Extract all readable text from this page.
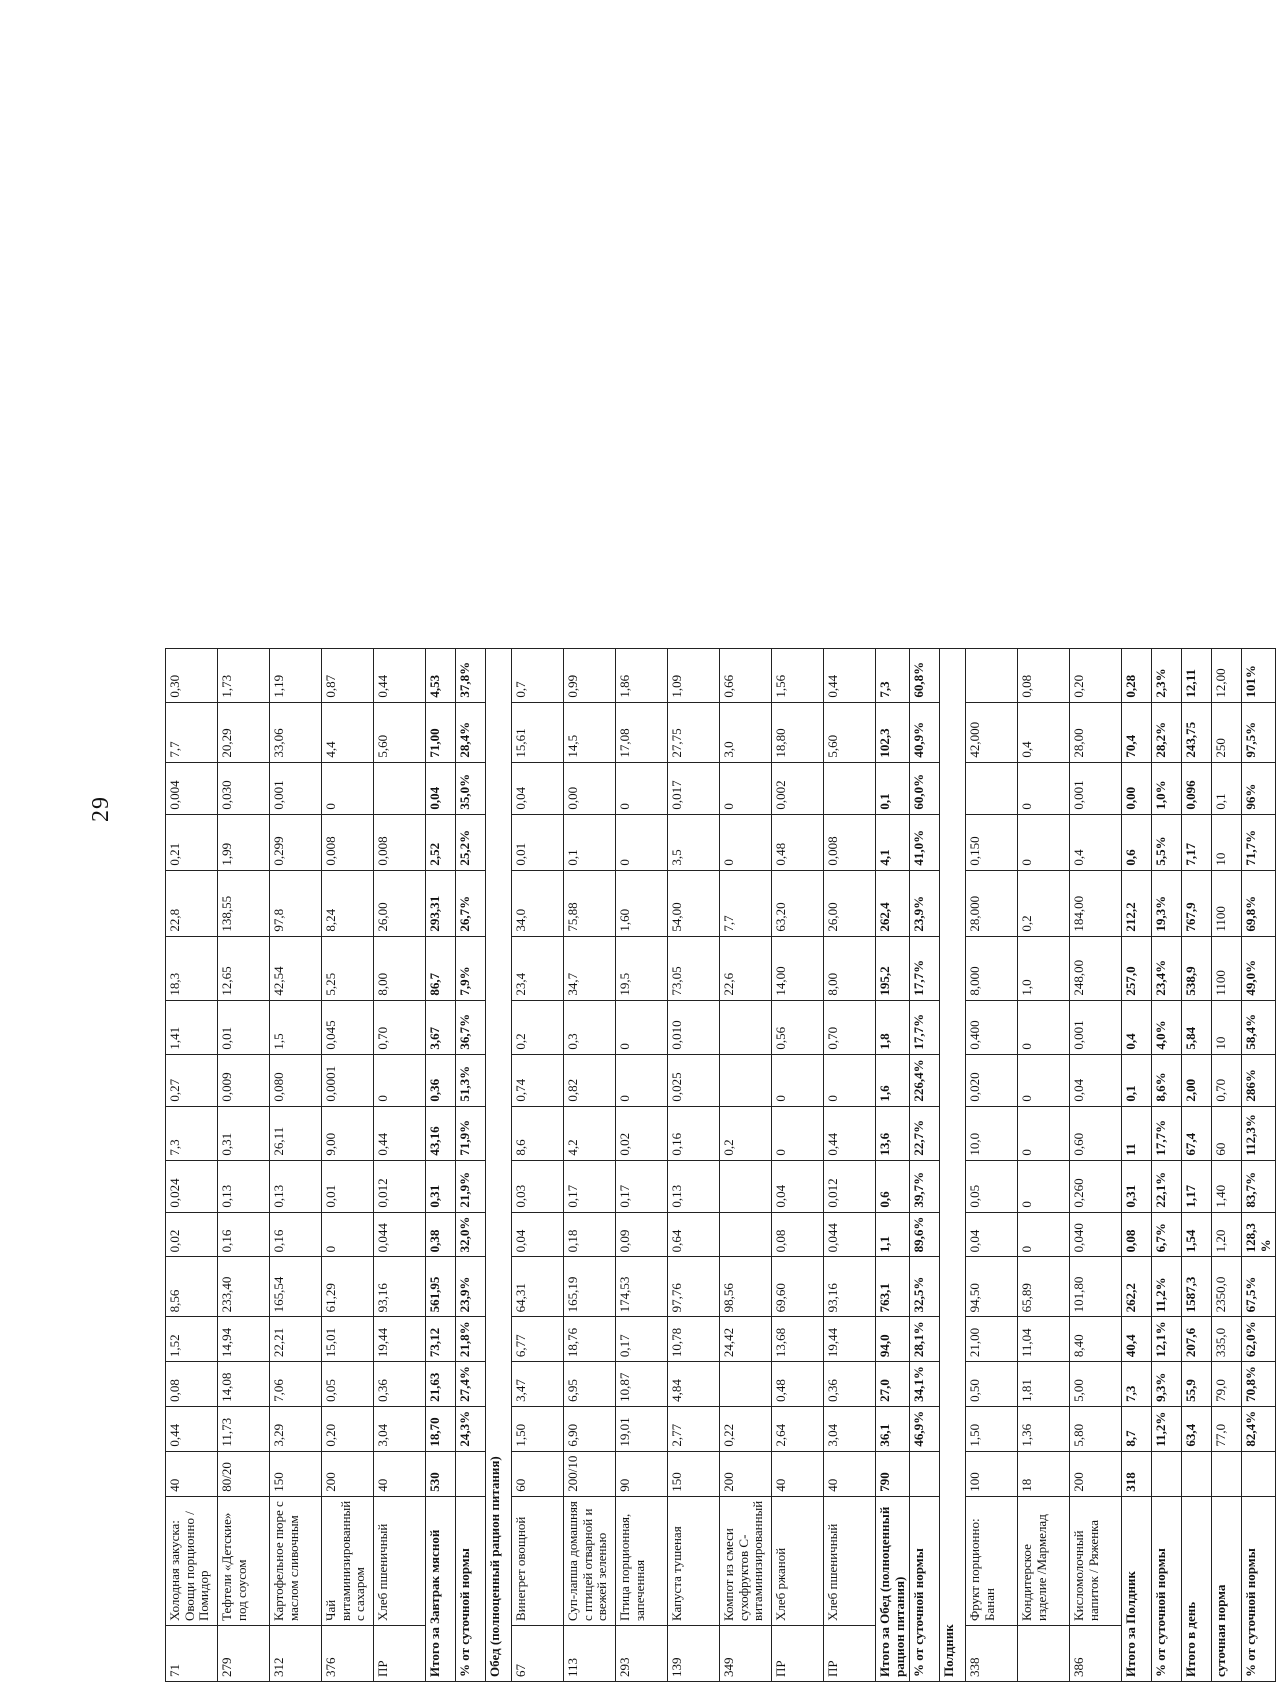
29
71	Холодная закуска: Овощи порционно / Помидор	40	0,44	0,08	1,52	8,56	0,02	0,024	7,3	0,27	1,41	18,3	22,8	0,21	0,004	7,7	0,30
279	Тефтели «Детские» под соусом	80/20	11,73	14,08	14,94	233,40	0,16	0,13	0,31	0,009	0,01	12,65	138,55	1,99	0,030	20,29	1,73
312	Картофельное пюре с маслом сливочным	150	3,29	7,06	22,21	165,54	0,16	0,13	26,11	0,080	1,5	42,54	97,8	0,299	0,001	33,06	1,19
376	Чай витаминизированный с сахаром	200	0,20	0,05	15,01	61,29	0	0,01	9,00	0,0001	0,045	5,25	8,24	0,008	0	4,4	0,87
ПР	Хлеб пшеничный	40	3,04	0,36	19,44	93,16	0,044	0,012	0,44	0	0,70	8,00	26,00	0,008		5,60	0,44
Итого за Завтрак мясной		530	18,70	21,63	73,12	561,95	0,38	0,31	43,16	0,36	3,67	86,7	293,31	2,52	0,04	71,00	4,53
% от суточной нормы			24,3%	27,4%	21,8%	23,9%	32,0%	21,9%	71,9%	51,3%	36,7%	7,9%	26,7%	25,2%	35,0%	28,4%	37,8%
Обед (полноценный рацион питания)																	
67	Винегрет овощной	60	1,50	3,47	6,77	64,31	0,04	0,03	8,6	0,74	0,2	23,4	34,0	0,01	0,04	15,61	0,7
113	Суп-лапша домашняя с птицей отварной и свежей зеленью	200/10	6,90	6,95	18,76	165,19	0,18	0,17	4,2	0,82	0,3	34,7	75,88	0,1	0,00	14,5	0,99
293	Птица порционная, запеченная	90	19,01	10,87	0,17	174,53	0,09	0,17	0,02	0	0	19,5	1,60	0	0	17,08	1,86
139	Капуста тушеная	150	2,77	4,84	10,78	97,76	0,64	0,13	0,16	0,025	0,010	73,05	54,00	3,5	0,017	27,75	1,09
349	Компот из смеси сухофруктов С-витаминизированный	200	0,22		24,42	98,56			0,2			22,6	7,7	0	0	3,0	0,66
ПР	Хлеб ржаной	40	2,64	0,48	13,68	69,60	0,08	0,04	0	0	0,56	14,00	63,20	0,48	0,002	18,80	1,56
ПР	Хлеб пшеничный	40	3,04	0,36	19,44	93,16	0,044	0,012	0,44	0	0,70	8,00	26,00	0,008		5,60	0,44
Итого за Обед (полноценный рацион питания)		790	36,1	27,0	94,0	763,1	1,1	0,6	13,6	1,6	1,8	195,2	262,4	4,1	0,1	102,3	7,3
% от суточной нормы			46,9%	34,1%	28,1%	32,5%	89,6%	39,7%	22,7%	226,4%	17,7%	17,7%	23,9%	41,0%	60,0%	40,9%	60,8%
Полдник																	
338	Фрукт порционно: Банан	100	1,50	0,50	21,00	94,50	0,04	0,05	10,0	0,020	0,400	8,000	28,000	0,150		42,000	
	Кондитерское изделие /Мармелад	18	1,36	1,81	11,04	65,89	0	0	0	0	0	1,0	0,2	0	0	0,4	0,08
386	Кисломолочный напиток / Ряженка	200	5,80	5,00	8,40	101,80	0,040	0,260	0,60	0,04	0,001	248,00	184,00	0,4	0,001	28,00	0,20
Итого за Полдник		318	8,7	7,3	40,4	262,2	0,08	0,31	11	0,1	0,4	257,0	212,2	0,6	0,00	70,4	0,28
% от суточной нормы			11,2%	9,3%	12,1%	11,2%	6,7%	22,1%	17,7%	8,6%	4,0%	23,4%	19,3%	5,5%	1,0%	28,2%	2,3%
Итого в день			63,4	55,9	207,6	1587,3	1,54	1,17	67,4	2,00	5,84	538,9	767,9	7,17	0,096	243,75	12,11
суточная норма			77,0	79,0	335,0	2350,0	1,20	1,40	60	0,70	10	1100	1100	10	0,1	250	12,00
% от суточной нормы			82,4%	70,8%	62,0%	67,5%	128,3 %	83,7%	112,3%	286%	58,4%	49,0%	69,8%	71,7%	96%	97,5%	101%
